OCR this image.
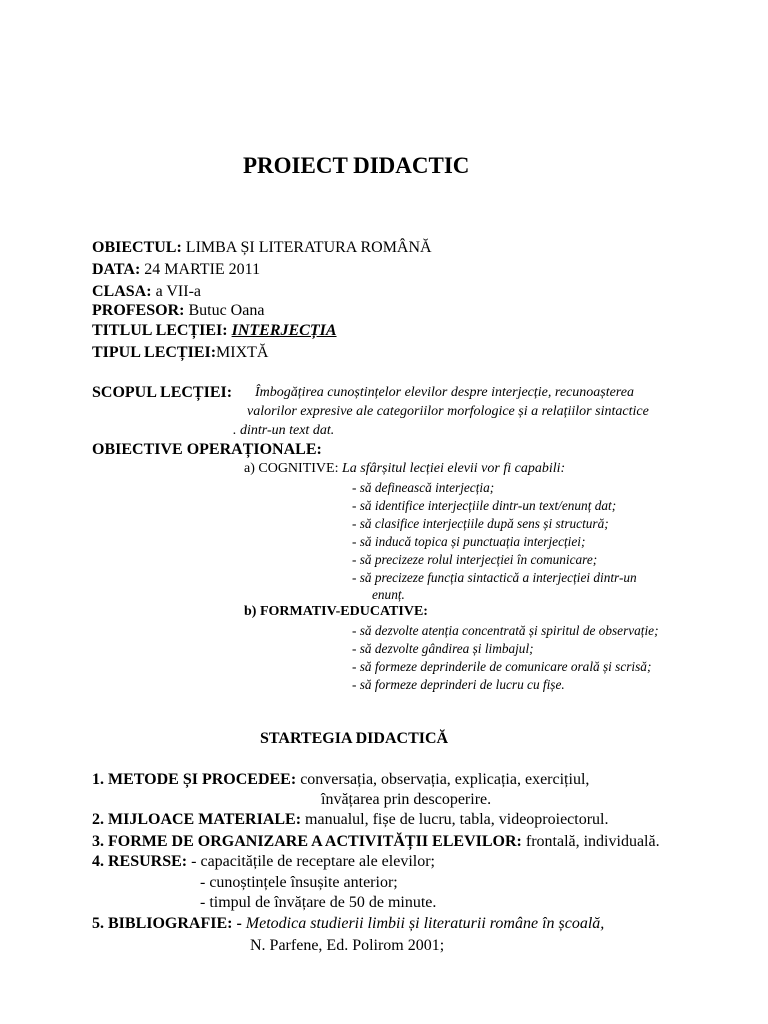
PROIECT DIDACTIC
OBIECTUL: LIMBA ȘI LITERATURA ROMÂNĂ
DATA: 24 MARTIE 2011
CLASA: a VII-a
PROFESOR: Butuc Oana
TITLUL LECȚIEI: INTERJECȚIA
TIPUL LECȚIEI:MIXTĂ
SCOPUL LECȚIEI: Îmbogățirea cunoștințelor elevilor despre interjecție, recunoașterea
valorilor expresive ale categoriilor morfologice și a relațiilor sintactice
. dintr-un text dat.
OBIECTIVE OPERAȚIONALE:
a) COGNITIVE: La sfârșitul lecției elevii vor fi capabili:
- să definească interjecția;
- să identifice interjecțiile dintr-un text/enunț dat;
- să clasifice interjecțiile după sens și structură;
- să inducă topica și punctuația interjecției;
- să precizeze rolul interjecției în comunicare;
- să precizeze funcția sintactică a interjecției dintr-un
enunț.
b) FORMATIV-EDUCATIVE:
- să dezvolte atenția concentrată și spiritul de observație;
- să dezvolte gândirea și limbajul;
- să formeze deprinderile de comunicare orală și scrisă;
- să formeze deprinderi de lucru cu fișe.
STARTEGIA DIDACTICĂ
1. METODE ȘI PROCEDEE: conversația, observația, explicația, exercițiul,
învățarea prin descoperire.
2. MIJLOACE MATERIALE: manualul, fișe de lucru, tabla, videoproiectorul.
3. FORME DE ORGANIZARE A ACTIVITĂȚII ELEVILOR: frontală, individuală.
4. RESURSE: - capacitățile de receptare ale elevilor;
- cunoștințele însușite anterior;
- timpul de învățare de 50 de minute.
5. BIBLIOGRAFIE: - Metodica studierii limbii și literaturii române în școală,
N. Parfene, Ed. Polirom 2001;
